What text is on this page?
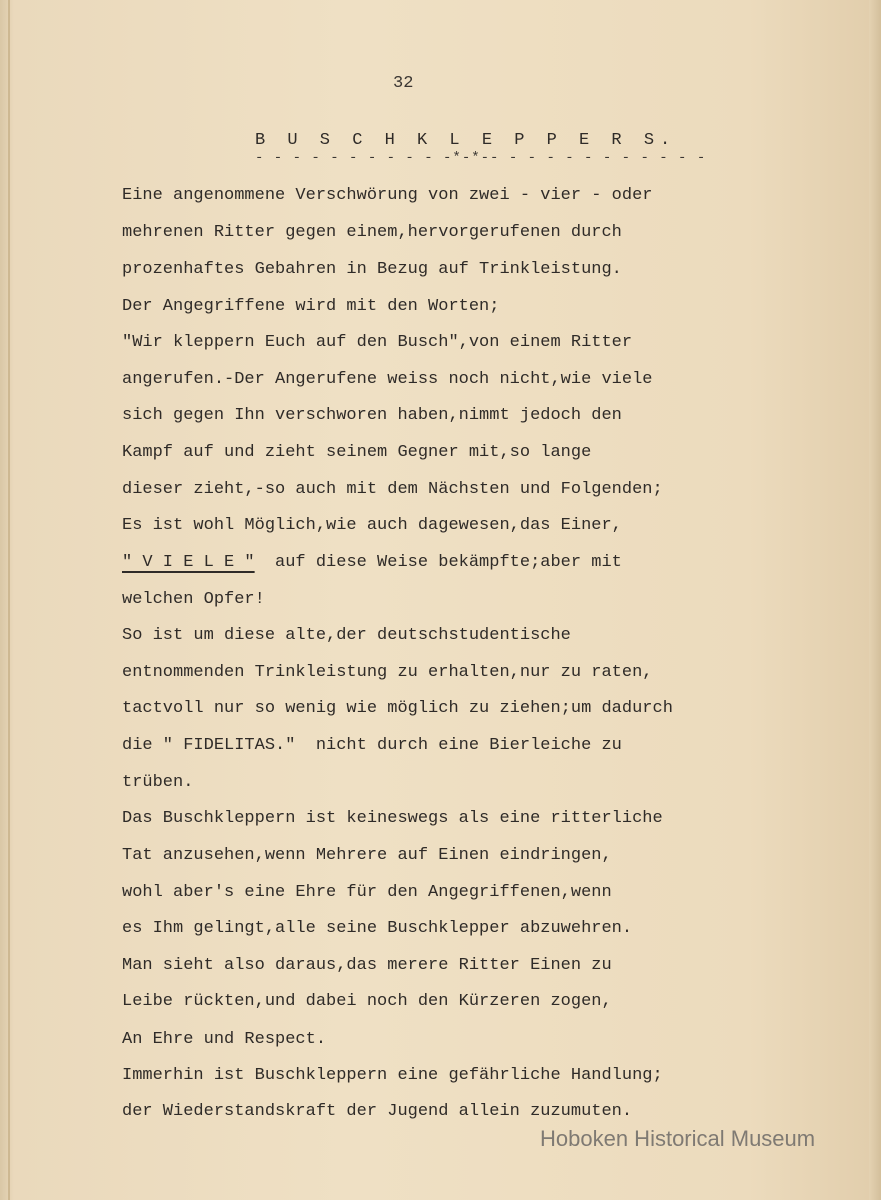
32
B U S C H K L E P P E R S.
- - - - - - - - - - -*-*-- - - - - - - - - - - -
Eine angenommene Verschwörung von zwei - vier - oder
mehrenen Ritter gegen einem,hervorgerufenen durch
prozenhaftes Gebahren in Bezug auf Trinkleistung.
Der Angegriffene wird mit den Worten;
"Wir kleppern Euch auf den Busch",von einem Ritter
angerufen.-Der Angerufene weiss noch nicht,wie viele
sich gegen Ihn verschworen haben,nimmt jedoch den
Kampf auf und zieht seinem Gegner mit,so lange
dieser zieht,-so auch mit dem Nächsten und Folgenden;
Es ist wohl Möglich,wie auch dagewesen,das Einer,
" V I E L E "  auf diese Weise bekämpfte;aber mit
welchen Opfer!
So ist um diese alte,der deutschstudentische
entnommenden Trinkleistung zu erhalten,nur zu raten,
tactvoll nur so wenig wie möglich zu ziehen;um dadurch
die " FIDELITAS."  nicht durch eine Bierleiche zu
trüben.
Das Buschkleppern ist keineswegs als eine ritterliche
Tat anzusehen,wenn Mehrere auf Einen eindringen,
wohl aber's eine Ehre für den Angegriffenen,wenn
es Ihm gelingt,alle seine Buschklepper abzuwehren.
Man sieht also daraus,das merere Ritter Einen zu
Leibe rückten,und dabei noch den Kürzeren zogen,
An Ehre und Respect.
Immerhin ist Buschkleppern eine gefährliche Handlung;
der Wiederstandskraft der Jugend allein zuzumuten.
Hoboken Historical Museum
